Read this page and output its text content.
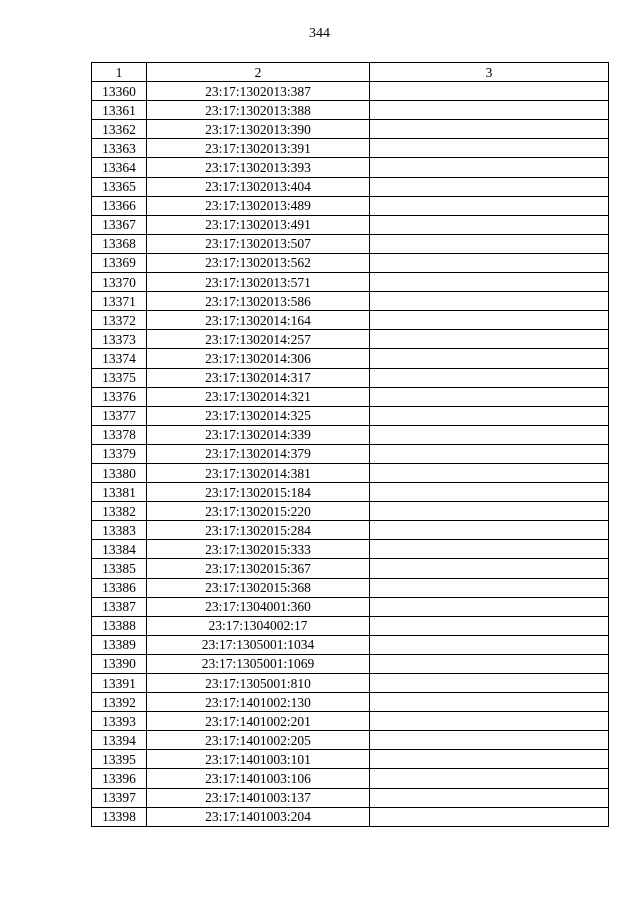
344
1	2	3
13360	23:17:1302013:387	
13361	23:17:1302013:388	
13362	23:17:1302013:390	
13363	23:17:1302013:391	
13364	23:17:1302013:393	
13365	23:17:1302013:404	
13366	23:17:1302013:489	
13367	23:17:1302013:491	
13368	23:17:1302013:507	
13369	23:17:1302013:562	
13370	23:17:1302013:571	
13371	23:17:1302013:586	
13372	23:17:1302014:164	
13373	23:17:1302014:257	
13374	23:17:1302014:306	
13375	23:17:1302014:317	
13376	23:17:1302014:321	
13377	23:17:1302014:325	
13378	23:17:1302014:339	
13379	23:17:1302014:379	
13380	23:17:1302014:381	
13381	23:17:1302015:184	
13382	23:17:1302015:220	
13383	23:17:1302015:284	
13384	23:17:1302015:333	
13385	23:17:1302015:367	
13386	23:17:1302015:368	
13387	23:17:1304001:360	
13388	23:17:1304002:17	
13389	23:17:1305001:1034	
13390	23:17:1305001:1069	
13391	23:17:1305001:810	
13392	23:17:1401002:130	
13393	23:17:1401002:201	
13394	23:17:1401002:205	
13395	23:17:1401003:101	
13396	23:17:1401003:106	
13397	23:17:1401003:137	
13398	23:17:1401003:204	
